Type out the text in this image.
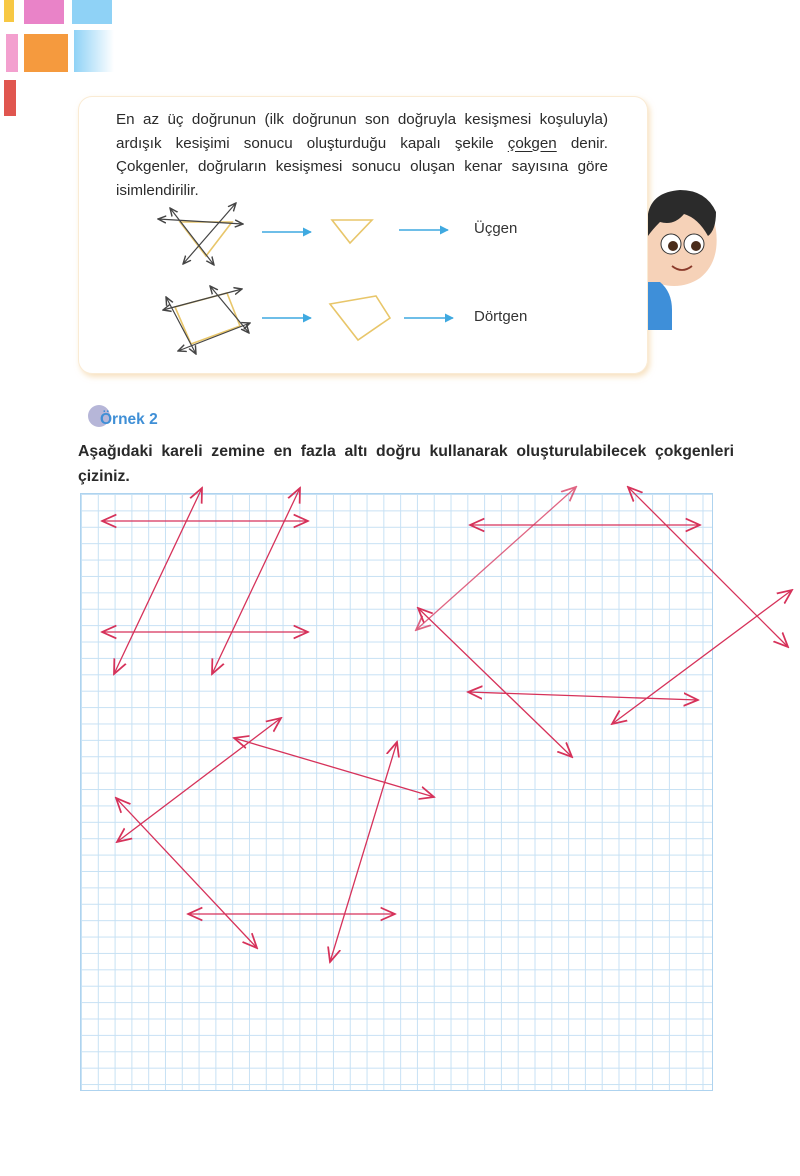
En az üç doğrunun (ilk doğrunun son doğruyla kesişmesi koşuluyla) ardışık kesişimi sonucu oluşturduğu kapalı şekile çokgen denir. Çokgenler, doğruların kesişmesi sonucu oluşan kenar sayısına göre isimlendirilir.
Üçgen
Dörtgen
Örnek 2
Aşağıdaki kareli zemine en fazla altı doğru kullanarak oluşturulabilecek çokgenleri çiziniz.
